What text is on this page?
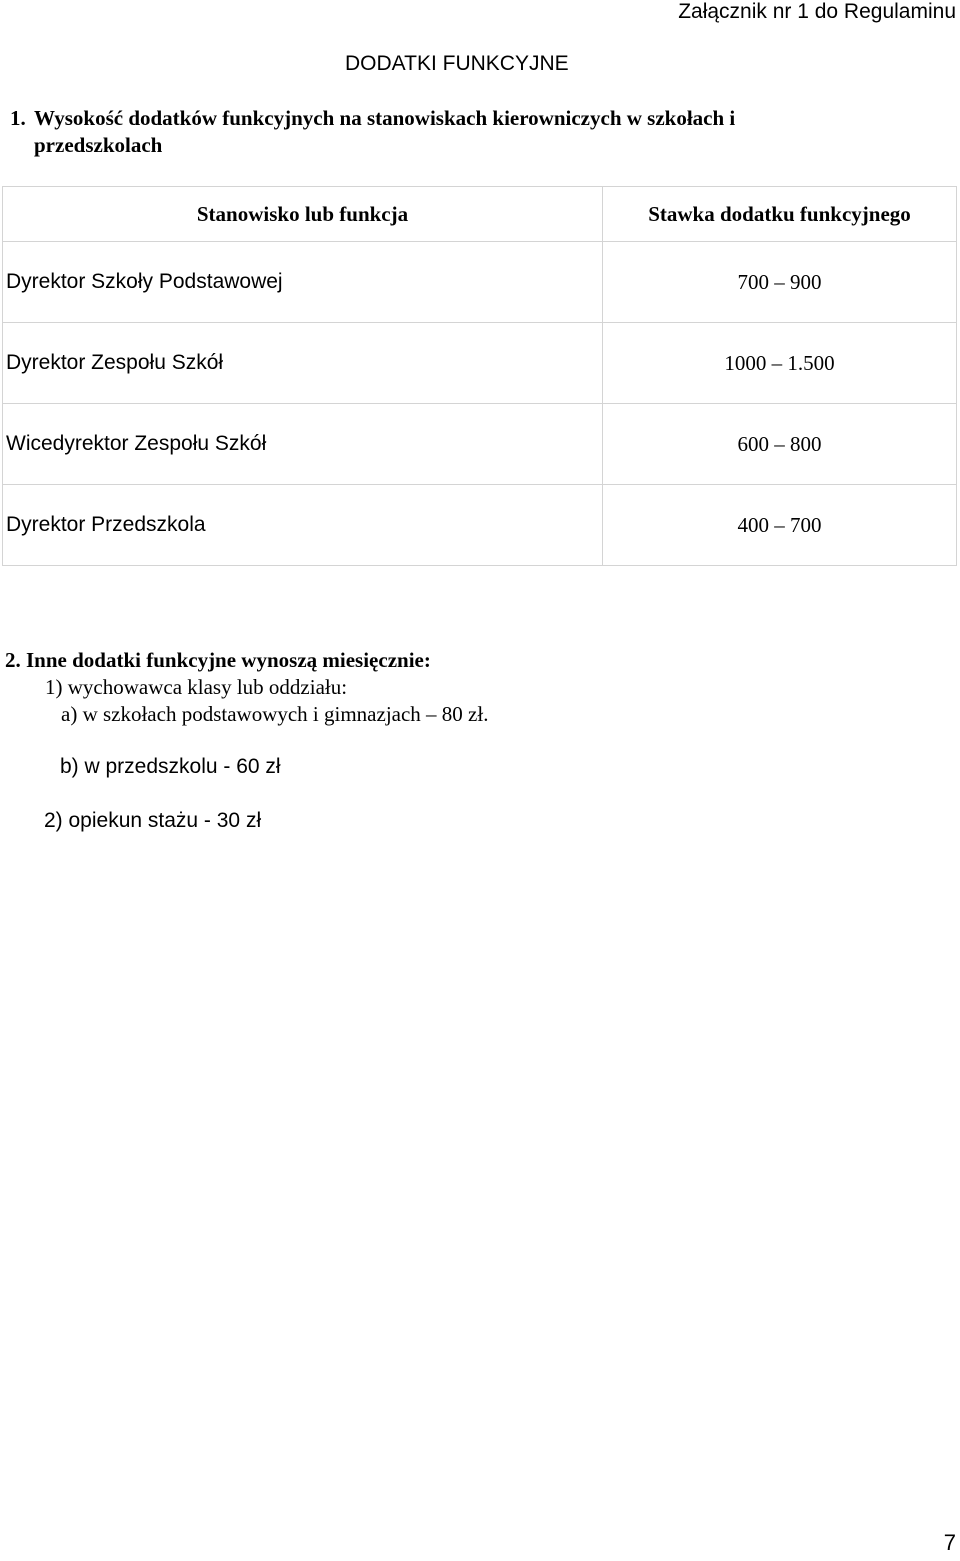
Załącznik nr 1 do Regulaminu
DODATKI FUNKCYJNE
1. Wysokość dodatków funkcyjnych na stanowiskach kierowniczych w szkołach i
przedszkolach
Stanowisko lub funkcja	Stawka dodatku funkcyjnego
Dyrektor Szkoły Podstawowej	700 – 900
Dyrektor Zespołu Szkół	1000 – 1.500
Wicedyrektor Zespołu Szkół	600 – 800
Dyrektor Przedszkola	400 – 700
2. Inne dodatki funkcyjne wynoszą miesięcznie:
1) wychowawca klasy lub oddziału:
a) w szkołach podstawowych i gimnazjach – 80 zł.
b) w przedszkolu - 60 zł
2) opiekun stażu - 30 zł
7
